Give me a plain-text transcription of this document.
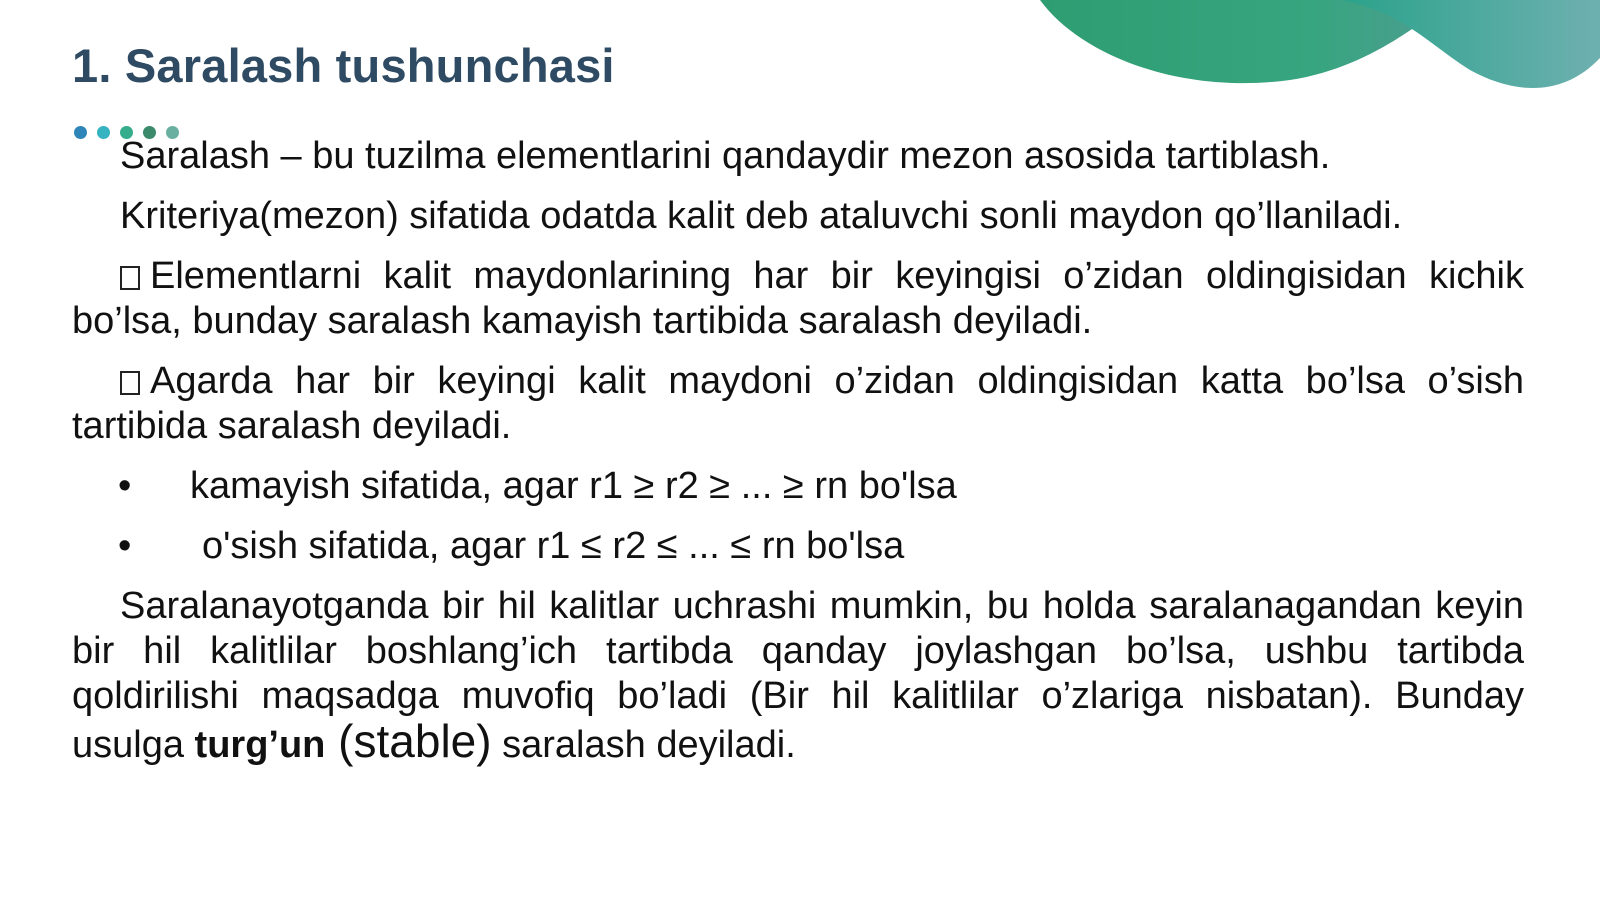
1. Saralash tushunchasi

Saralash – bu tuzilma elementlarini qandaydir mezon asosida tartiblash.

Kriteriya(mezon) sifatida odatda kalit deb ataluvchi sonli maydon qo’llaniladi.

Elementlarni kalit maydonlarining har bir keyingisi o’zidan oldingisidan kichik bo’lsa, bunday saralash kamayish tartibida saralash deyiladi.

Agarda har bir keyingi kalit maydoni o’zidan oldingisidan katta bo’lsa o’sish tartibida saralash deyiladi.

•	kamayish sifatida, agar r1 ≥ r2 ≥ ... ≥ rn bo'lsa
•	o'sish sifatida, agar r1 ≤ r2 ≤ ... ≤ rn bo'lsa

Saralanayotganda bir hil kalitlar uchrashi mumkin, bu holda saralanagandan keyin bir hil kalitlilar boshlang’ich tartibda qanday joylashgan bo’lsa, ushbu tartibda qoldirilishi maqsadga muvofiq bo’ladi (Bir hil kalitlilar o’zlariga nisbatan). Bunday usulga turg’un (stable) saralash deyiladi.
